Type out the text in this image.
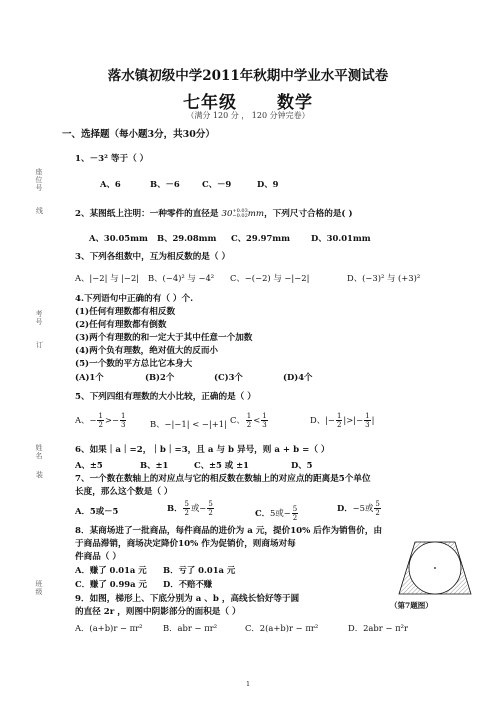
落水镇初级中学2011年秋期中学业水平测试卷
七年级 数学
（满分 120 分 ， 120 分钟完卷）
座位号
线
考号
订
姓名
装
班级
一、选择题（每小题3分，共30分）
1、－3² 等于（ ）
A、6	B、－6	C、－9	D、9
2、某图纸上注明：一种零件的直径是 30 +0.03
−0.02 mm，下列尺寸合格的是( )
A、30.05mm B、29.08mm C、29.97mm	D、30.01mm
3、下列各组数中，互为相反数的是（ ）
A、|−2| 与 |−2| B、(−4)² 与 −4² C、−(−2) 与 −|−2|	D、(−3)² 与 (+3)²
4.下列语句中正确的有（ ）个.
(1)任何有理数都有相反数
(2)任何有理数都有倒数
(3)两个有理数的和一定大于其中任意一个加数
(4)两个负有理数，绝对值大的反而小
(5)一个数的平方总比它本身大
(A)1个	(B)2个	(C)3个	(D)4个
5、下列四组有理数的大小比较，正确的是（ ）
A、− $\frac{1}{2} >- \frac{1}{3}$	B、−|−1| < −|+1| C、 $\frac{1}{2} < \frac{1}{3}$	D、|− $\frac{1}{2}$ |>|− $\frac{1}{3}$ |
6、如果｜a｜=2，｜b｜=3，且 a 与 b 异号，则 a + b =（ ）
A、±5	B、±1	C、±5 或 ±1	D、5
7、一个数在数轴上的对应点与它的相反数在数轴上的对应点的距离是5个单位
长度，那么这个数是（ ）
A．5或－5	B． $\frac{5}{2}$ 或− $\frac{5}{2}$	C．5或− $\frac{5}{2}$	D．−5或 $\frac{5}{2}$
8．某商场进了一批商品，每件商品的进价为 a 元，提价10% 后作为销售价，由
于商品滞销，商场决定降价10% 作为促销价，则商场对每
件商品（ ）
A．赚了 0.01a 元 B．亏了 0.01a 元
C．赚了 0.99a 元 D．不赔不赚
9．如图，梯形上、下底分别为 a 、b ，高线长恰好等于圆
的直径 2r ，则图中阴影部分的面积是（ ）
A．(a+b)r − πr² B．abr − πr²	C．2(a+b)r − πr²	D．2abr − π²r
（第7题图）
1
